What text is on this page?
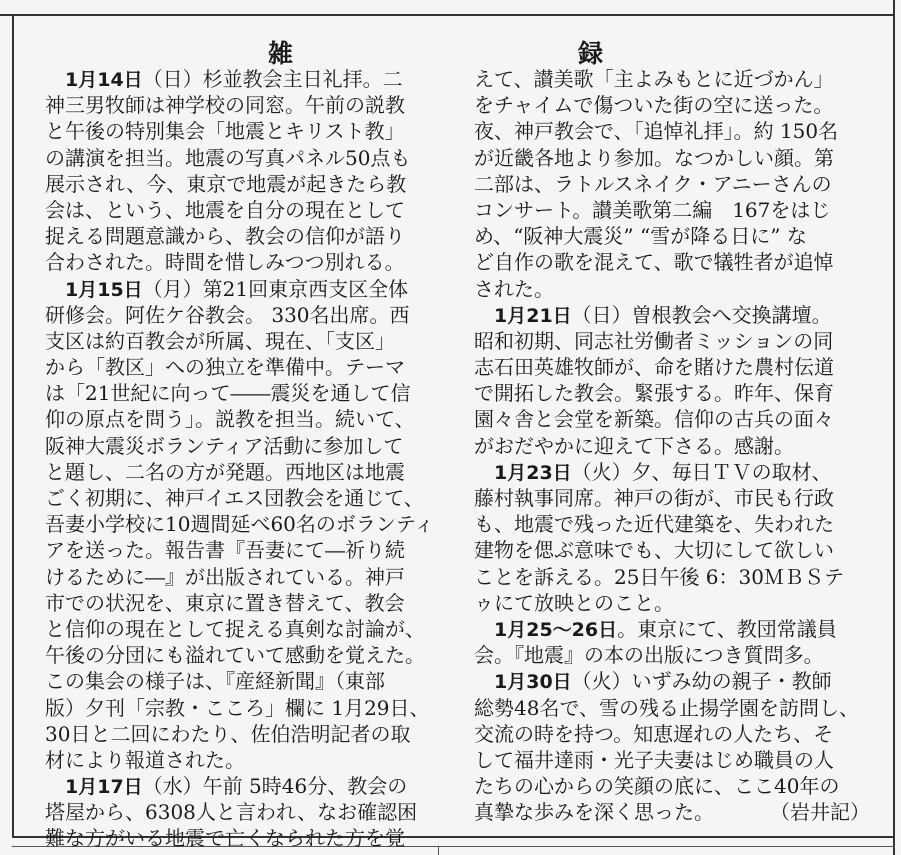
雑　録
1月14日（日）杉並教会主日礼拝。二
神三男牧師は神学校の同窓。午前の説教
と午後の特別集会「地震とキリスト教」
の講演を担当。地震の写真パネル50点も
展示され、今、東京で地震が起きたら教
会は、という、地震を自分の現在として
捉える問題意識から、教会の信仰が語り
合わされた。時間を惜しみつつ別れる。
1月15日（月）第21回東京西支区全体
研修会。阿佐ケ谷教会。 330名出席。西
支区は約百教会が所属、現在、「支区」
から「教区」への独立を準備中。テーマ
は「21世紀に向って――震災を通して信
仰の原点を問う」。説教を担当。続いて、
阪神大震災ボランティア活動に参加して
と題し、二名の方が発題。西地区は地震
ごく初期に、神戸イエス団教会を通じて、
吾妻小学校に10週間延べ60名のボランティ
アを送った。報告書『吾妻にて―祈り続
けるために―』が出版されている。神戸
市での状況を、東京に置き替えて、教会
と信仰の現在として捉える真剣な討論が、
午後の分団にも溢れていて感動を覚えた。
この集会の様子は、『産経新聞』（東部
版）夕刊「宗教・こころ」欄に 1月29日、
30日と二回にわたり、佐伯浩明記者の取
材により報道された。
1月17日（水）午前 5時46分、教会の
塔屋から、6308人と言われ、なお確認困
難な方がいる地震で亡くなられた方を覚
えて、讃美歌「主よみもとに近づかん」
をチャイムで傷ついた街の空に送った。
夜、神戸教会で、「追悼礼拝」。約 150名
が近畿各地より参加。なつかしい顔。第
二部は、ラトルスネイク・アニーさんの
コンサート。讃美歌第二編　167をはじ
め、“阪神大震災” “雪が降る日に” な
ど自作の歌を混えて、歌で犠牲者が追悼
された。
1月21日（日）曽根教会へ交換講壇。
昭和初期、同志社労働者ミッションの同
志石田英雄牧師が、命を賭けた農村伝道
で開拓した教会。緊張する。昨年、保育
園々舎と会堂を新築。信仰の古兵の面々
がおだやかに迎えて下さる。感謝。
1月23日（火）夕、毎日ＴＶの取材、
藤村執事同席。神戸の街が、市民も行政
も、地震で残った近代建築を、失われた
建物を偲ぶ意味でも、大切にして欲しい
ことを訴える。25日午後 6：30ＭＢＳテ
ゥにて放映とのこと。
1月25～26日。東京にて、教団常議員
会。『地震』の本の出版につき質問多。
1月30日（火）いずみ幼の親子・教師
総勢48名で、雪の残る止揚学園を訪問し、
交流の時を持つ。知恵遅れの人たち、そ
して福井達雨・光子夫妻はじめ職員の人
たちの心からの笑顔の底に、ここ40年の
真摯な歩みを深く思った。	（岩井記）
